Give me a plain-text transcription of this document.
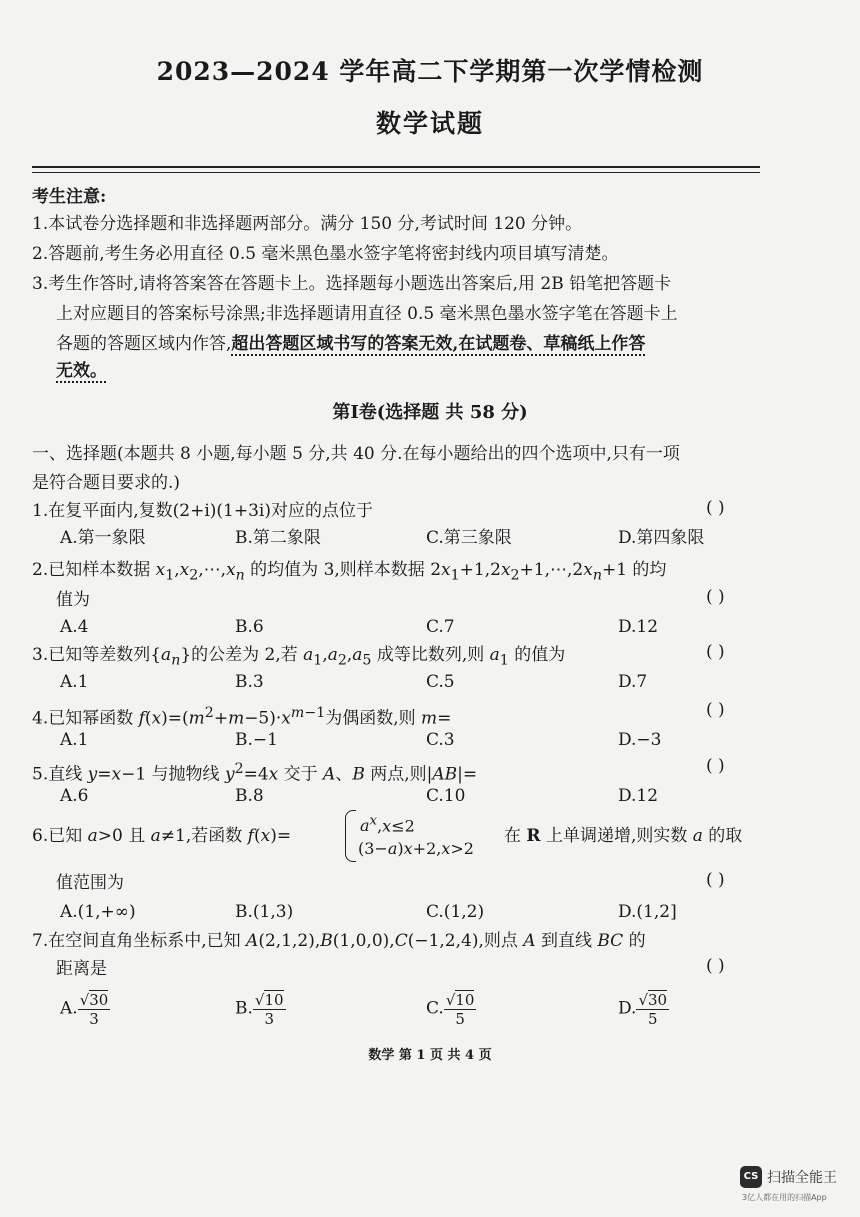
2023—2024 学年高二下学期第一次学情检测
数学试题
考生注意:
1.本试卷分选择题和非选择题两部分。满分 150 分,考试时间 120 分钟。
2.答题前,考生务必用直径 0.5 毫米黑色墨水签字笔将密封线内项目填写清楚。
3.考生作答时,请将答案答在答题卡上。选择题每小题选出答案后,用 2B 铅笔把答题卡
上对应题目的答案标号涂黑;非选择题请用直径 0.5 毫米黑色墨水签字笔在答题卡上
各题的答题区域内作答,超出答题区域书写的答案无效,在试题卷、草稿纸上作答
无效。
第Ⅰ卷(选择题 共 58 分)
一、选择题(本题共 8 小题,每小题 5 分,共 40 分.在每小题给出的四个选项中,只有一项
是符合题目要求的.)
1.在复平面内,复数(2+i)(1+3i)对应的点位于	( )
A.第一象限	B.第二象限	C.第三象限	D.第四象限
2.已知样本数据 $x_1,x_2,\cdots,x_n$ 的均值为 3,则样本数据 $2x_1+1,2x_2+1,\cdots,2x_n+1$ 的均
值为	( )
A.4	B.6	C.7	D.12
3.已知等差数列$\{a_n\}$的公差为 2,若 $a_1,a_2,a_5$ 成等比数列,则 $a_1$ 的值为	( )
A.1	B.3	C.5	D.7
4.已知幂函数 $f(x)=(m^2+m-5)\cdot x^{m-1}$为偶函数,则 m=	( )
A.1	B.−1	C.3	D.−3
5.直线 y=x−1 与抛物线 $y^2=4x$ 交于 A、B 两点,则|AB|=	( )
A.6	B.8	C.10	D.12
6.已知 a>0 且 a≠1,若函数 f(x)=
$a^x,x\le 2$
(3−a)x+2,x>2
在 R 上单调递增,则实数 a 的取
值范围为	( )
A.(1,+∞)	B.(1,3)	C.(1,2)	D.(1,2]
7.在空间直角坐标系中,已知 A(2,1,2),B(1,0,0),C(−1,2,4),则点 A 到直线 BC 的
距离是	( )
A. $\frac{√30}{3}$	B. $\frac{√10}{3}$	C. $\frac{√10}{5}$	D. $\frac{√30}{5}$
数学 第 1 页 共 4 页
CS 扫描全能王
3亿人都在用的扫描App
